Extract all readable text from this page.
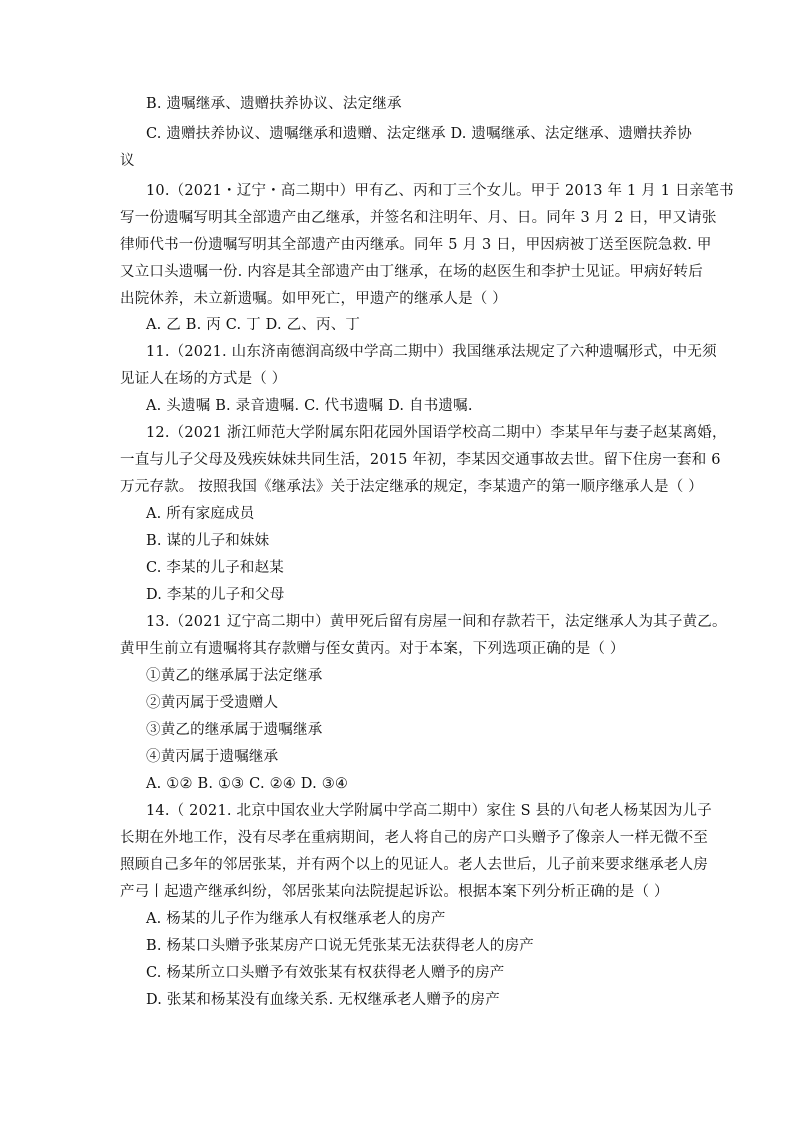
B. 遗嘱继承、遗赠扶养协议、法定继承
C. 遗赠扶养协议、遗嘱继承和遗赠、法定继承 D. 遗嘱继承、法定继承、遗赠扶养协
议
10.（2021・辽宁・高二期中）甲有乙、丙和丁三个女儿。甲于 2013 年 1 月 1 日亲笔书
写一份遗嘱写明其全部遗产由乙继承，并签名和注明年、月、日。同年 3 月 2 日，甲又请张
律师代书一份遗嘱写明其全部遗产由丙继承。同年 5 月 3 日，甲因病被丁送至医院急救. 甲
又立口头遗嘱一份. 内容是其全部遗产由丁继承，在场的赵医生和李护士见证。甲病好转后
出院休养，未立新遗嘱。如甲死亡，甲遗产的继承人是（ ）
A. 乙 B. 丙 C. 丁 D. 乙、丙、丁
11.（2021. 山东济南德润高级中学高二期中）我国继承法规定了六种遗嘱形式，中无须
见证人在场的方式是（ ）
A. 头遗嘱 B. 录音遗嘱. C. 代书遗嘱 D. 自书遗嘱.
12.（2021 浙江师范大学附属东阳花园外国语学校高二期中）李某早年与妻子赵某离婚，
一直与儿子父母及残疾妹妹共同生活，2015 年初，李某因交通事故去世。留下住房一套和 6
万元存款。 按照我国《继承法》关于法定继承的规定，李某遗产的第一顺序继承人是（ ）
A. 所有家庭成员
B. 谋的儿子和妹妹
C. 李某的儿子和赵某
D. 李某的儿子和父母
13.（2021 辽宁高二期中）黄甲死后留有房屋一间和存款若干，法定继承人为其子黄乙。
黄甲生前立有遗嘱将其存款赠与侄女黄丙。对于本案，下列选项正确的是（ ）
①黄乙的继承属于法定继承
②黄丙属于受遗赠人
③黄乙的继承属于遗嘱继承
④黄丙属于遗嘱继承
A. ①② B. ①③ C. ②④ D. ③④
14.（ 2021. 北京中国农业大学附属中学高二期中）家住 S 县的八旬老人杨某因为儿子
长期在外地工作，没有尽孝在重病期间，老人将自己的房产口头赠予了像亲人一样无微不至
照顾自己多年的邻居张某，并有两个以上的见证人。老人去世后，儿子前来要求继承老人房
产弓丨起遗产继承纠纷，邻居张某向法院提起诉讼。根据本案下列分析正确的是（ ）
A. 杨某的儿子作为继承人有权继承老人的房产
B. 杨某口头赠予张某房产口说无凭张某无法获得老人的房产
C. 杨某所立口头赠予有效张某有权获得老人赠予的房产
D. 张某和杨某没有血缘关系. 无权继承老人赠予的房产
